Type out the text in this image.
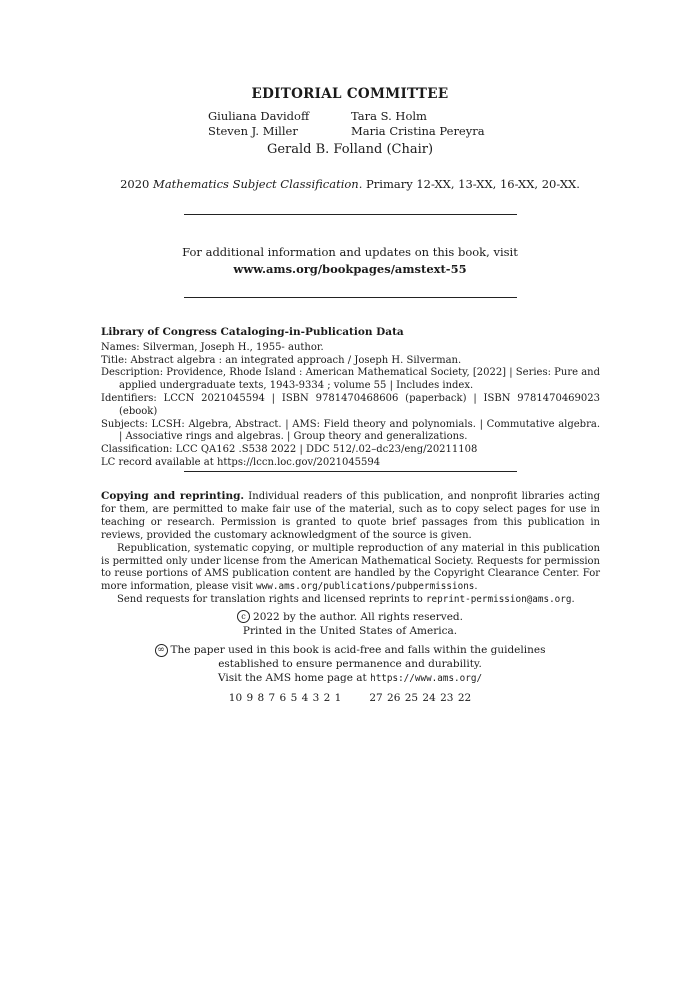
EDITORIAL COMMITTEE
Giuliana Davidoff	Tara S. Holm
Steven J. Miller	Maria Cristina Pereyra
Gerald B. Folland (Chair)
2020 Mathematics Subject Classification. Primary 12-XX, 13-XX, 16-XX, 20-XX.
For additional information and updates on this book, visit
www.ams.org/bookpages/amstext-55
Library of Congress Cataloging-in-Publication Data
Names: Silverman, Joseph H., 1955- author.
Title: Abstract algebra : an integrated approach / Joseph H. Silverman.
Description: Providence, Rhode Island : American Mathematical Society, [2022] | Series: Pure and applied undergraduate texts, 1943-9334 ; volume 55 | Includes index.
Identifiers: LCCN 2021045594 | ISBN 9781470468606 (paperback) | ISBN 9781470469023 (ebook)
Subjects: LCSH: Algebra, Abstract. | AMS: Field theory and polynomials. | Commutative algebra. | Associative rings and algebras. | Group theory and generalizations.
Classification: LCC QA162 .S538 2022 | DDC 512/.02–dc23/eng/20211108
LC record available at https://lccn.loc.gov/2021045594

Copying and reprinting. Individual readers of this publication, and nonprofit libraries acting for them, are permitted to make fair use of the material, such as to copy select pages for use in teaching or research. Permission is granted to quote brief passages from this publication in reviews, provided the customary acknowledgment of the source is given.

Republication, systematic copying, or multiple reproduction of any material in this publication is permitted only under license from the American Mathematical Society. Requests for permission to reuse portions of AMS publication content are handled by the Copyright Clearance Center. For more information, please visit www.ams.org/publications/pubpermissions.

Send requests for translation rights and licensed reprints to reprint-permission@ams.org.

c 2022 by the author. All rights reserved.
Printed in the United States of America.
∞ The paper used in this book is acid-free and falls within the guidelines
established to ensure permanence and durability.
Visit the AMS home page at https://www.ams.org/
10 9 8 7 6 5 4 3 2 1	27 26 25 24 23 22
